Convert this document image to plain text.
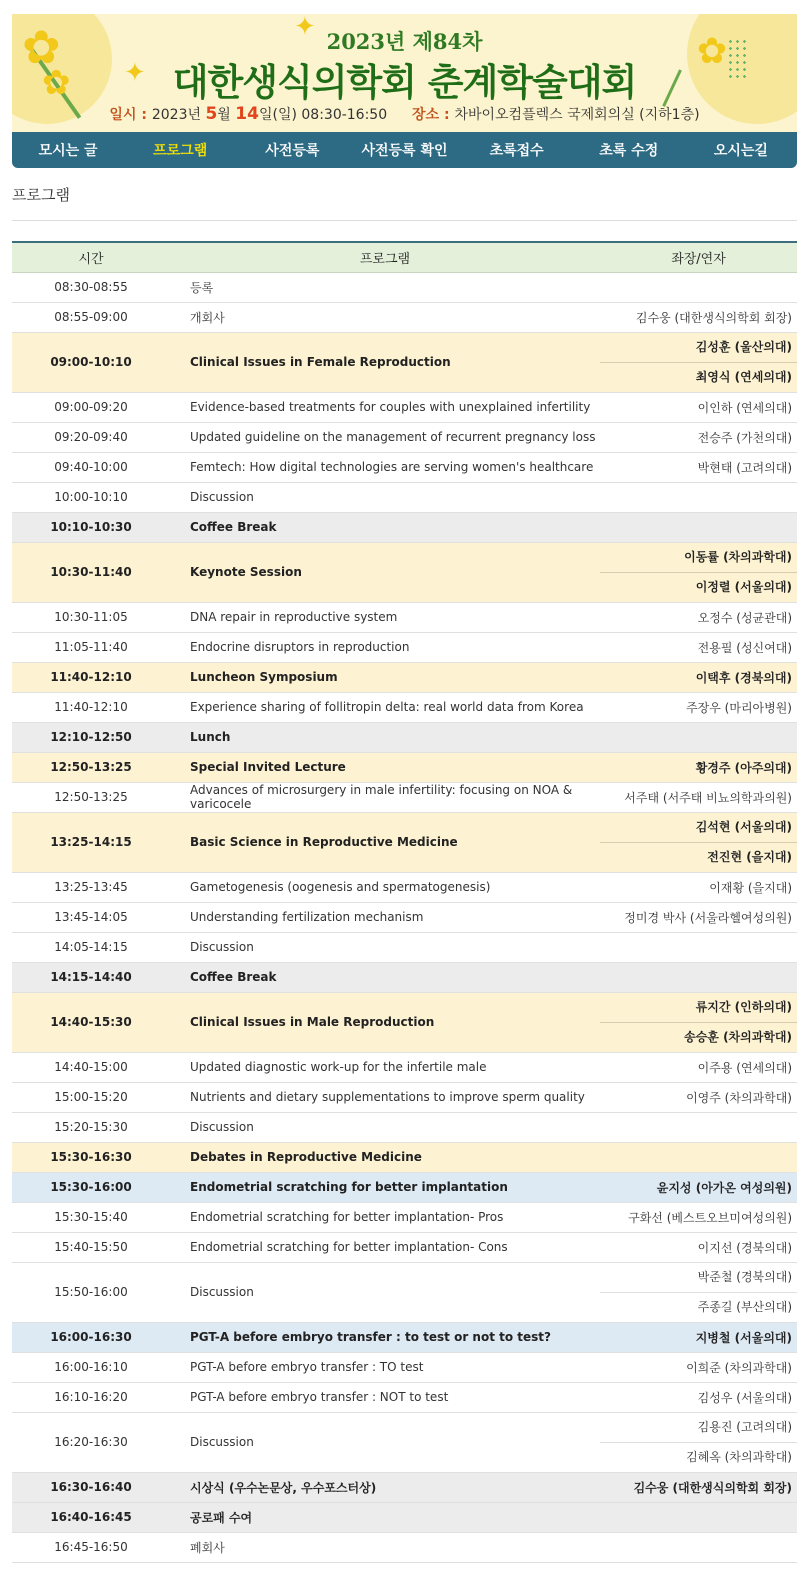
✿
✿ ✦
✦
✿
2023년 제84차
대한생식의학회 춘계학술대회
일시 : 2023년 5월 14일(일) 08:30-16:50 장소 : 차바이오컴플렉스 국제회의실 (지하1층)
모시는 글	프로그램	사전등록	사전등록 확인	초록접수	초록 수정	오시는길
프로그램
시간	프로그램	좌장/연자
08:30-08:55	등록	
08:55-09:00	개회사	김수웅 (대한생식의학회 회장)

09:00-10:10	Clinical Issues in Female Reproduction	김성훈 (울산의대)
최영식 (연세의대)

09:00-09:20	Evidence-based treatments for couples with unexplained infertility	이인하 (연세의대)

09:20-09:40	Updated guideline on the management of recurrent pregnancy loss	전승주 (가천의대)

09:40-10:00	Femtech: How digital technologies are serving women's healthcare	박현태 (고려의대)

10:00-10:10	Discussion	
10:10-10:30	Coffee Break	
10:30-11:40	Keynote Session	이동률 (차의과학대)
이정렬 (서울의대)

10:30-11:05	DNA repair in reproductive system	오정수 (성균관대)

11:05-11:40	Endocrine disruptors in reproduction	전용필 (성신여대)

11:40-12:10	Luncheon Symposium	이택후 (경북의대)

11:40-12:10	Experience sharing of follitropin delta: real world data from Korea	주장우 (마리아병원)

12:10-12:50	Lunch	
12:50-13:25	Special Invited Lecture	황경주 (아주의대)

12:50-13:25	Advances of microsurgery in male infertility: focusing on NOA & varicocele	서주태 (서주태 비뇨의학과의원)

13:25-14:15	Basic Science in Reproductive Medicine	김석현 (서울의대)
전진현 (을지대)

13:25-13:45	Gametogenesis (oogenesis and spermatogenesis)	이재황 (을지대)

13:45-14:05	Understanding fertilization mechanism	정미경 박사 (서울라헬여성의원)

14:05-14:15	Discussion	
14:15-14:40	Coffee Break	
14:40-15:30	Clinical Issues in Male Reproduction	류지간 (인하의대)
송승훈 (차의과학대)

14:40-15:00	Updated diagnostic work-up for the infertile male	이주용 (연세의대)

15:00-15:20	Nutrients and dietary supplementations to improve sperm quality	이영주 (차의과학대)

15:20-15:30	Discussion	
15:30-16:30	Debates in Reproductive Medicine	
15:30-16:00	Endometrial scratching for better implantation	윤지성 (아가온 여성의원)

15:30-15:40	Endometrial scratching for better implantation- Pros	구화선 (베스트오브미여성의원)

15:40-15:50	Endometrial scratching for better implantation- Cons	이지선 (경북의대)

15:50-16:00	Discussion	박준철 (경북의대)
주종길 (부산의대)

16:00-16:30	PGT-A before embryo transfer : to test or not to test?	지병철 (서울의대)

16:00-16:10	PGT-A before embryo transfer : TO test	이희준 (차의과학대)

16:10-16:20	PGT-A before embryo transfer : NOT to test	김성우 (서울의대)

16:20-16:30	Discussion	김용진 (고려의대)
김혜옥 (차의과학대)

16:30-16:40	시상식 (우수논문상, 우수포스터상)	김수웅 (대한생식의학회 회장)

16:40-16:45	공로패 수여	
16:45-16:50	폐회사	
